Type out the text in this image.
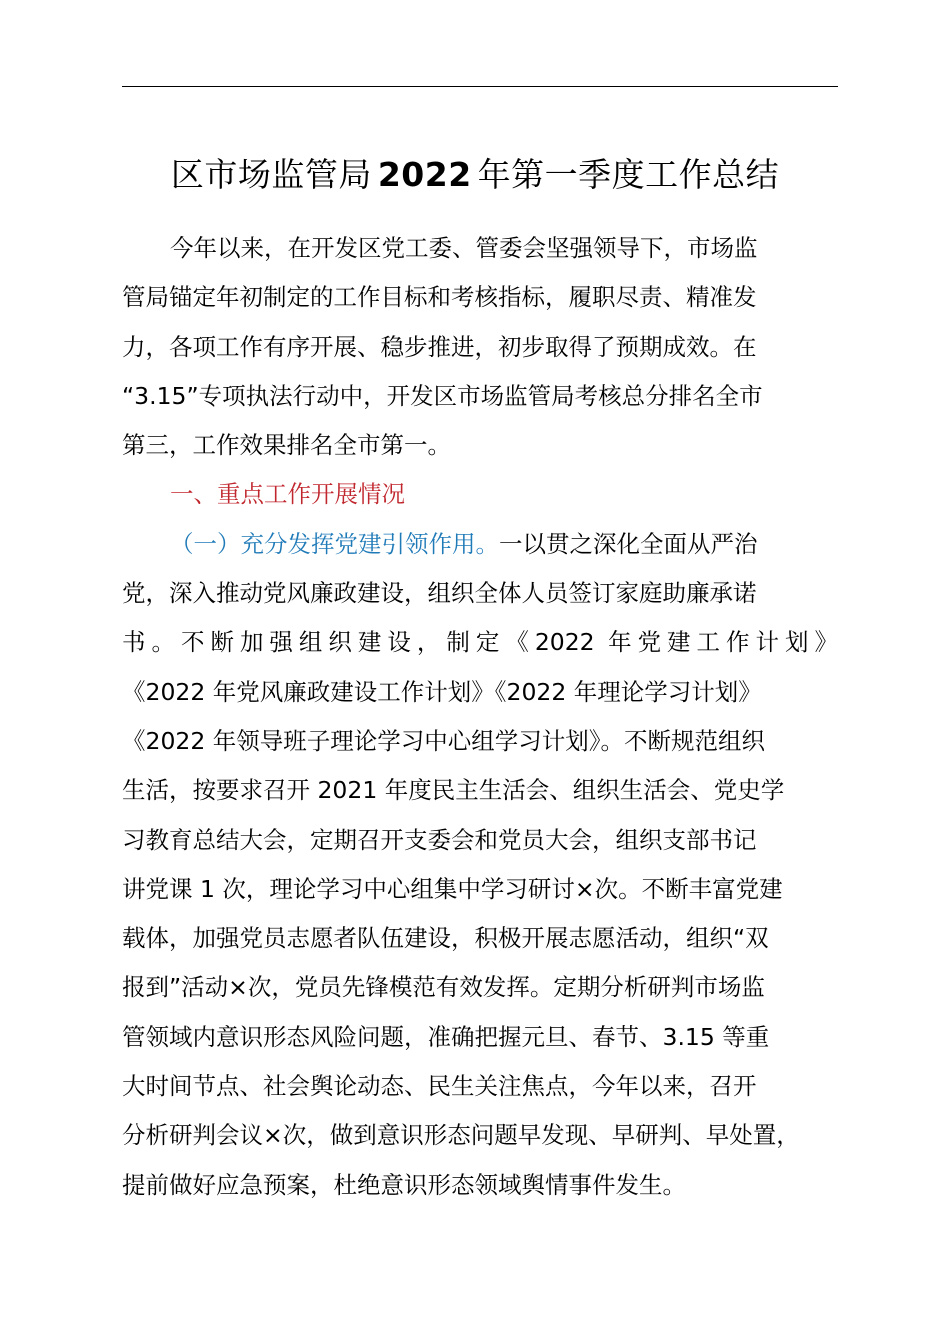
区市场监管局 2022 年第一季度工作总结
今年以来，在开发区党工委、管委会坚强领导下，市场监
管局锚定年初制定的工作目标和考核指标，履职尽责、精准发
力，各项工作有序开展、稳步推进，初步取得了预期成效。在
“3.15”专项执法行动中，开发区市场监管局考核总分排名全市
第三，工作效果排名全市第一。
一、重点工作开展情况
（一）充分发挥党建引领作用。一以贯之深化全面从严治
党，深入推动党风廉政建设，组织全体人员签订家庭助廉承诺
书。不断加强组织建设，制定《2022 年党建工作计划》
《2022 年党风廉政建设工作计划》《2022 年理论学习计划》
《2022 年领导班子理论学习中心组学习计划》。不断规范组织
生活，按要求召开 2021 年度民主生活会、组织生活会、党史学
习教育总结大会，定期召开支委会和党员大会，组织支部书记
讲党课 1 次，理论学习中心组集中学习研讨×次。不断丰富党建
载体，加强党员志愿者队伍建设，积极开展志愿活动，组织“双
报到”活动×次，党员先锋模范有效发挥。定期分析研判市场监
管领域内意识形态风险问题，准确把握元旦、春节、3.15 等重
大时间节点、社会舆论动态、民生关注焦点，今年以来，召开
分析研判会议×次，做到意识形态问题早发现、早研判、早处置，
提前做好应急预案，杜绝意识形态领域舆情事件发生。
